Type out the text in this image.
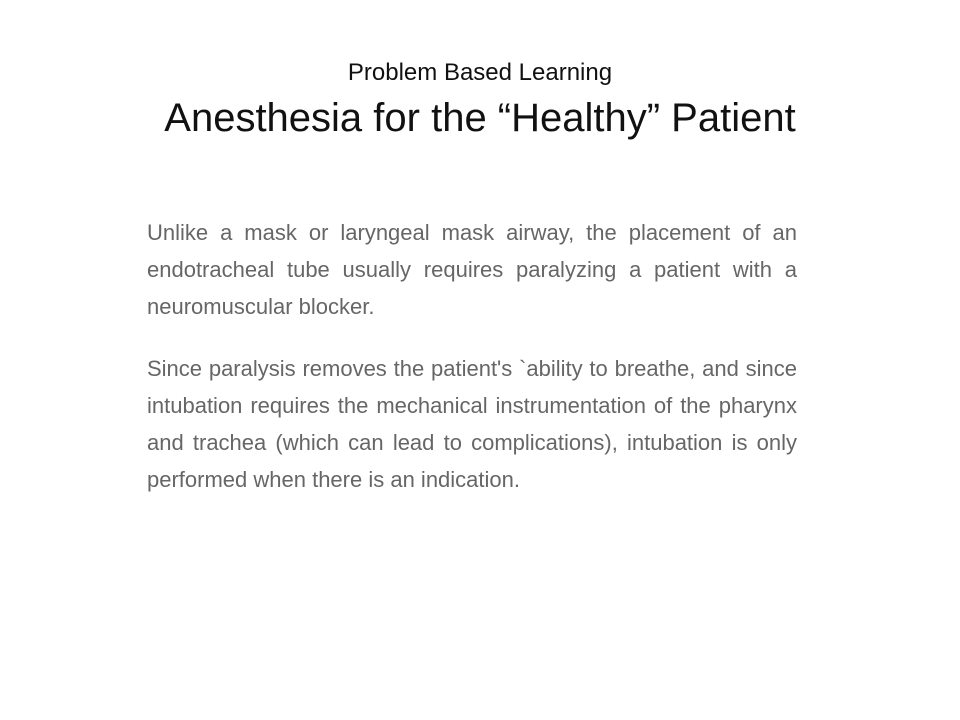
Problem Based Learning
Anesthesia for the “Healthy” Patient

Unlike a mask or laryngeal mask airway, the placement of an endotracheal tube usually requires paralyzing a patient with a neuromuscular blocker.

Since paralysis removes the patient's `ability to breathe, and since intubation requires the mechanical instrumentation of the pharynx and trachea (which can lead to complications), intubation is only performed when there is an indication.
